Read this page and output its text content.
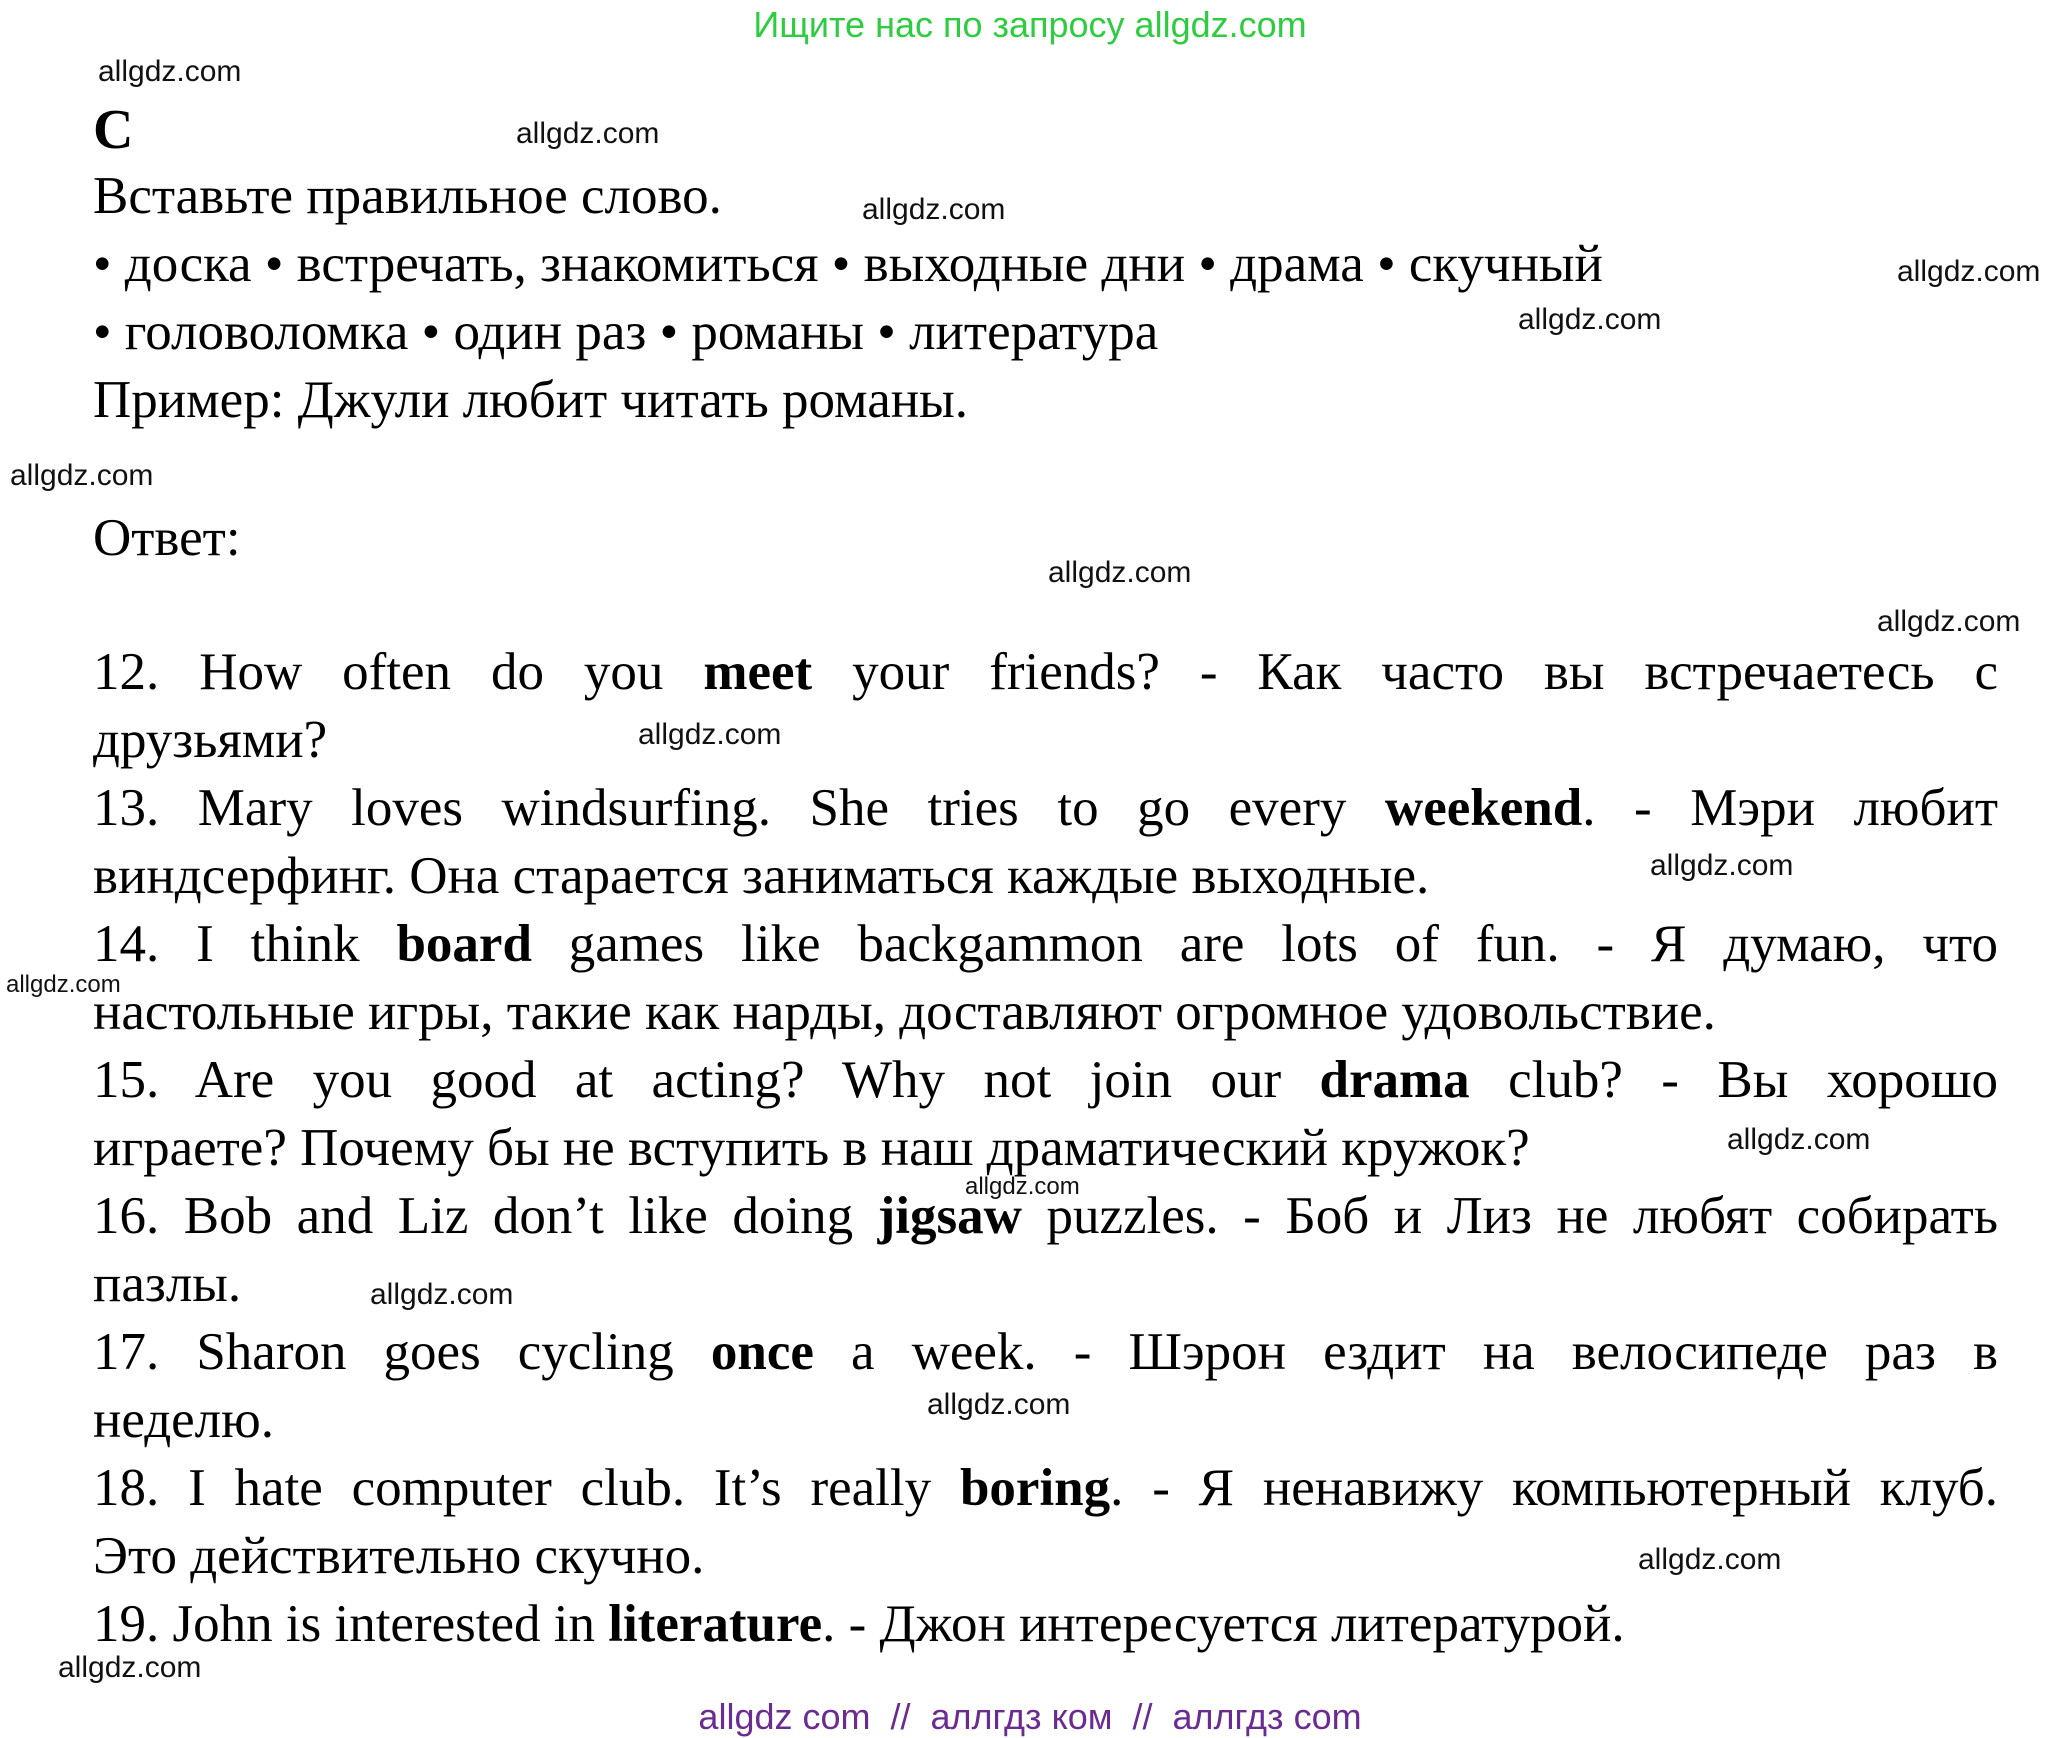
Ищите нас по запросу allgdz.com
allgdz.com
allgdz.com
allgdz.com
allgdz.com
allgdz.com
allgdz.com
allgdz.com
allgdz.com
allgdz.com
allgdz.com
allgdz.com
allgdz.com
allgdz.com
allgdz.com
allgdz.com
allgdz.com
allgdz.com
C
Вставьте правильное слово.
• доска • встречать, знакомиться • выходные дни • драма • скучный
• головоломка • один раз • романы • литература
Пример: Джули любит читать романы.
Ответ:
12. How often do you meet your friends? - Как часто вы встречаетесь с
друзьями?
13. Mary loves windsurfing. She tries to go every weekend. - Мэри любит
виндсерфинг. Она старается заниматься каждые выходные.
14. I think board games like backgammon are lots of fun. - Я думаю, что
настольные игры, такие как нарды, доставляют огромное удовольствие.
15. Are you good at acting? Why not join our drama club? - Вы хорошо
играете? Почему бы не вступить в наш драматический кружок?
16. Bob and Liz don’t like doing jigsaw puzzles. - Боб и Лиз не любят собирать
пазлы.
17. Sharon goes cycling once a week. - Шэрон ездит на велосипеде раз в
неделю.
18. I hate computer club. It’s really boring. - Я ненавижу компьютерный клуб.
Это действительно скучно.
19. John is interested in literature. - Джон интересуется литературой.
allgdz com  //  аллгдз ком  //  аллгдз com
